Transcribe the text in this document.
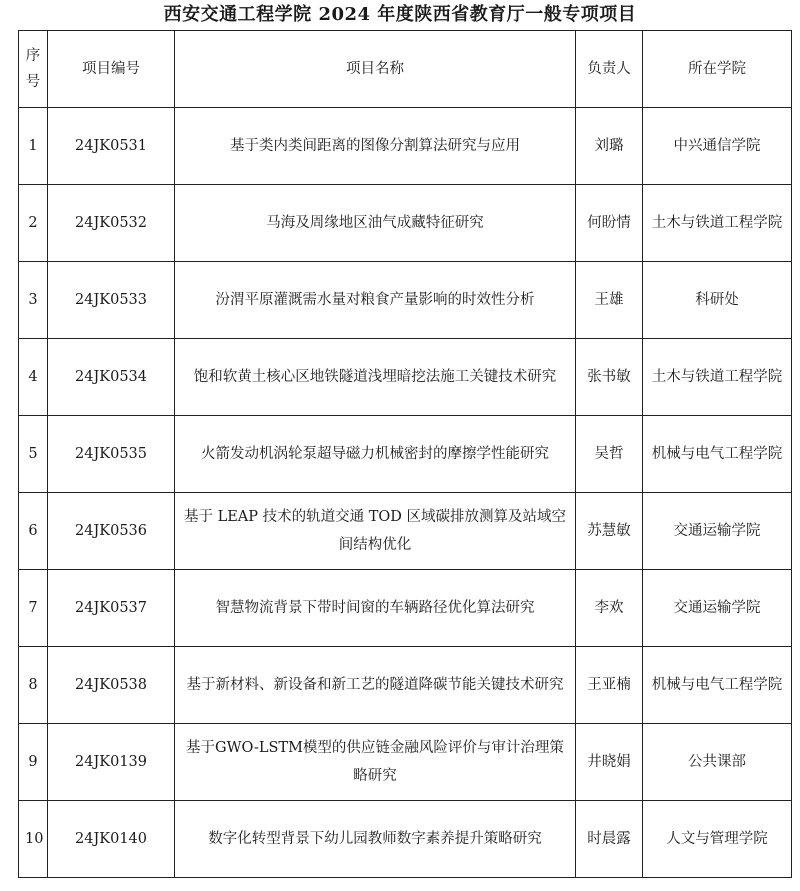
西安交通工程学院 2024 年度陕西省教育厅一般专项项目
序号	项目编号	项目名称	负责人	所在学院
1	24JK0531	基于类内类间距离的图像分割算法研究与应用	刘璐	中兴通信学院

2	24JK0532	马海及周缘地区油气成藏特征研究	何盼情	土木与铁道工程学院

3	24JK0533	汾渭平原灌溉需水量对粮食产量影响的时效性分析	王雄	科研处

4	24JK0534	饱和软黄土核心区地铁隧道浅埋暗挖法施工关键技术研究	张书敏	土木与铁道工程学院

5	24JK0535	火箭发动机涡轮泵超导磁力机械密封的摩擦学性能研究	吴哲	机械与电气工程学院

6	24JK0536	基于 LEAP 技术的轨道交通 TOD 区域碳排放测算及站域空间结构优化	苏慧敏	交通运输学院

7	24JK0537	智慧物流背景下带时间窗的车辆路径优化算法研究	李欢	交通运输学院

8	24JK0538	基于新材料、新设备和新工艺的隧道降碳节能关键技术研究	王亚楠	机械与电气工程学院

9	24JK0139	基于GWO-LSTM模型的供应链金融风险评价与审计治理策略研究	井晓娟	公共课部

10	24JK0140	数字化转型背景下幼儿园教师数字素养提升策略研究	时晨露	人文与管理学院
